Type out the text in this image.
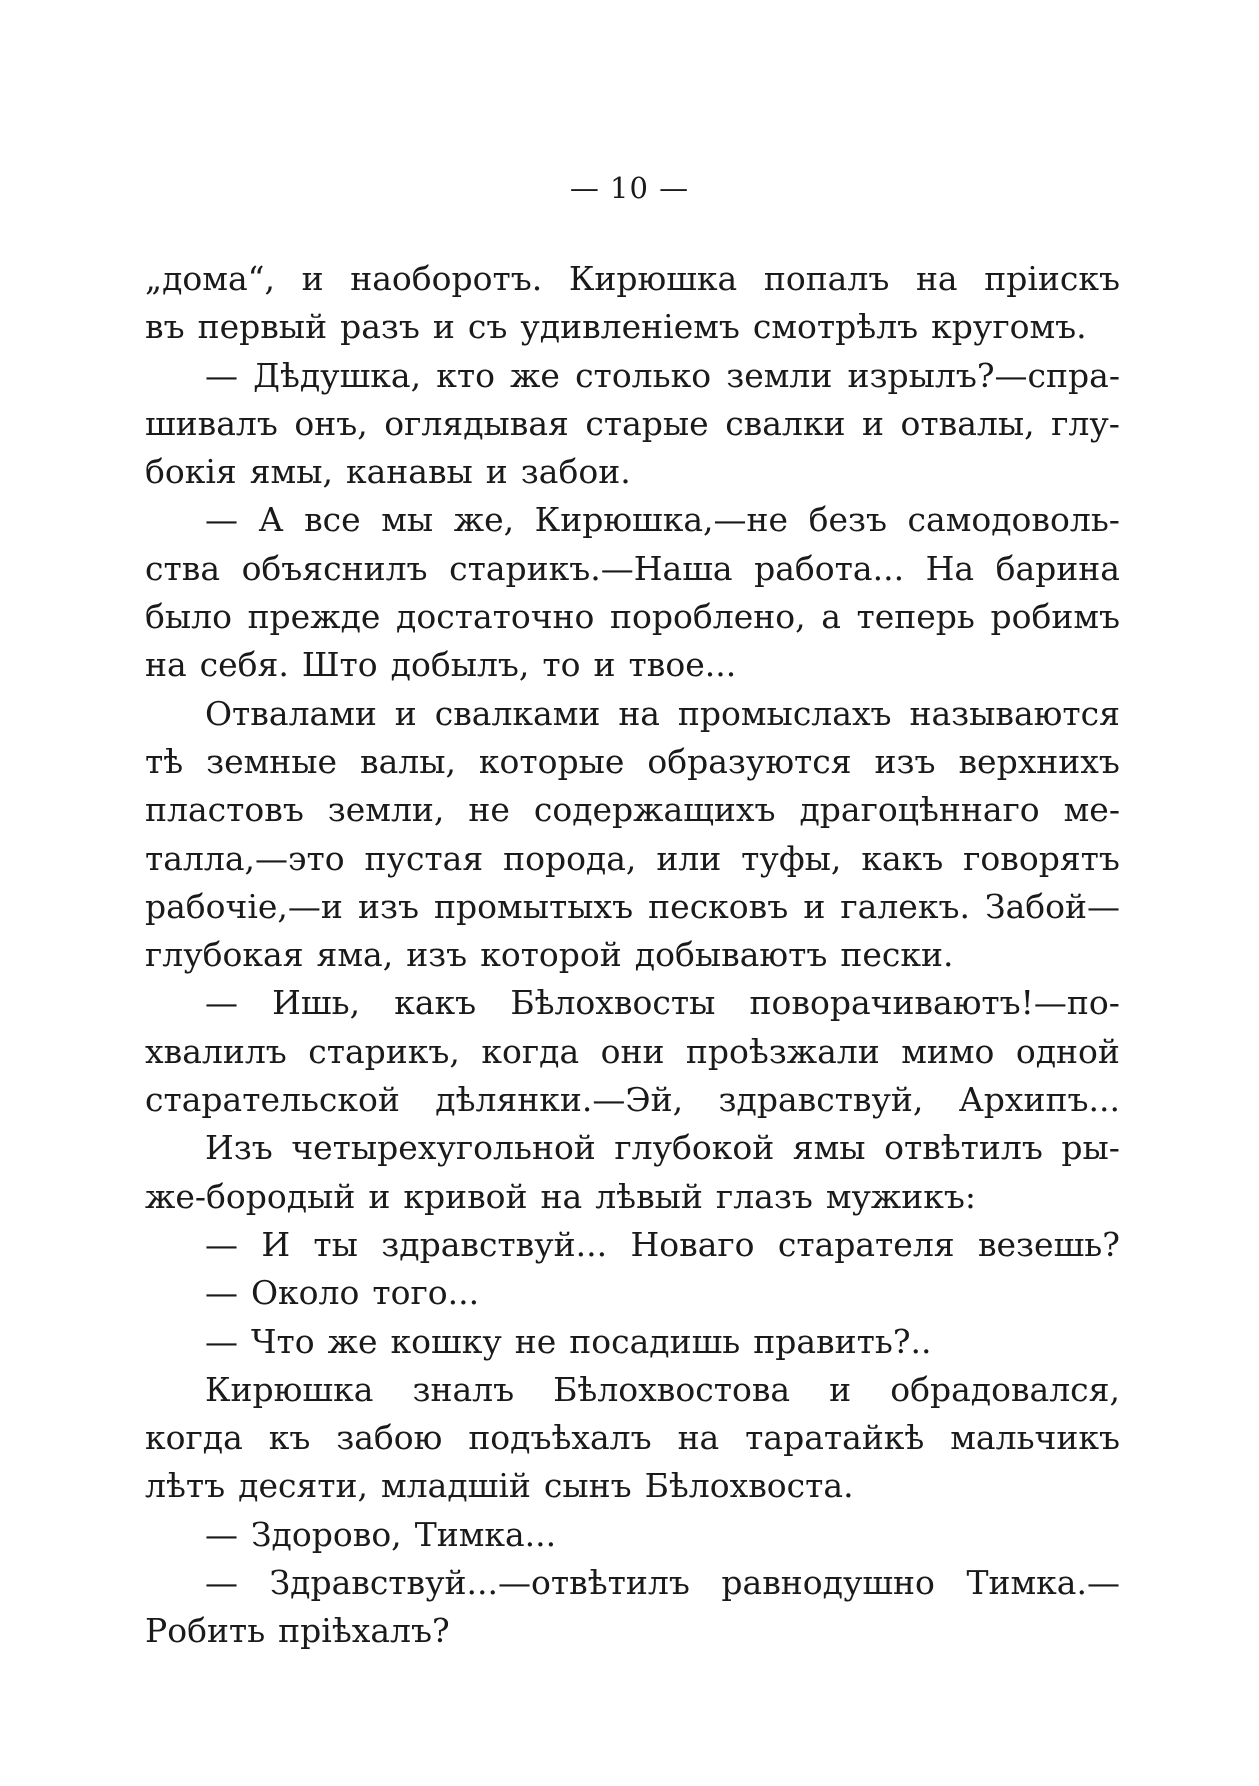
— 10 —
„дома“, и наоборотъ. Кирюшка попалъ на пріискъ
въ первый разъ и съ удивленіемъ смотрѣлъ кругомъ.
— Дѣдушка, кто же столько земли изрылъ?—спра-
шивалъ онъ, оглядывая старые свалки и отвалы, глу-
бокія ямы, канавы и забои.
— А все мы же, Кирюшка,—не безъ самодоволь-
ства объяснилъ старикъ.—Наша работа... На барина
было прежде достаточно пороблено, а теперь робимъ
на себя. Што добылъ, то и твое...
Отвалами и свалками на промыслахъ называются
тѣ земные валы, которые образуются изъ верхнихъ
пластовъ земли, не содержащихъ драгоцѣннаго ме-
талла,—это пустая порода, или туфы, какъ говорятъ
рабочіе,—и изъ промытыхъ песковъ и галекъ. Забой—
глубокая яма, изъ которой добываютъ пески.
— Ишь, какъ Бѣлохвосты поворачиваютъ!—по-
хвалилъ старикъ, когда они проѣзжали мимо одной
старательской дѣлянки.—Эй, здравствуй, Архипъ...
Изъ четырехугольной глубокой ямы отвѣтилъ ры-
же-бородый и кривой на лѣвый глазъ мужикъ:
— И ты здравствуй... Новаго старателя везешь?
— Около того...
— Что же кошку не посадишь править?..
Кирюшка зналъ Бѣлохвостова и обрадовался,
когда къ забою подъѣхалъ на таратайкѣ мальчикъ
лѣтъ десяти, младшій сынъ Бѣлохвоста.
— Здорово, Тимка...
— Здравствуй...—отвѣтилъ равнодушно Тимка.—
Робить пріѣхалъ?
